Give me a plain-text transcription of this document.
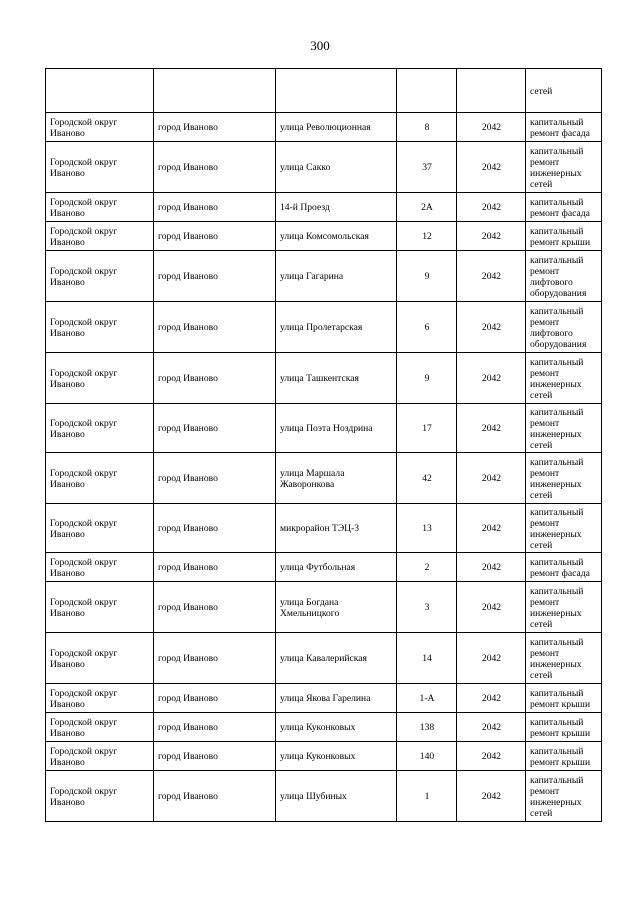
300
					сетей
Городской округ Иваново	город Иваново	улица Революционная	8	2042	капитальный ремонт фасада
Городской округ Иваново	город Иваново	улица Сакко	37	2042	капитальный ремонт инженерных сетей
Городской округ Иваново	город Иваново	14-й Проезд	2А	2042	капитальный ремонт фасада
Городской округ Иваново	город Иваново	улица Комсомольская	12	2042	капитальный ремонт крыши
Городской округ Иваново	город Иваново	улица Гагарина	9	2042	капитальный ремонт лифтового оборудования
Городской округ Иваново	город Иваново	улица Пролетарская	6	2042	капитальный ремонт лифтового оборудования
Городской округ Иваново	город Иваново	улица Ташкентская	9	2042	капитальный ремонт инженерных сетей
Городской округ Иваново	город Иваново	улица Поэта Ноздрина	17	2042	капитальный ремонт инженерных сетей
Городской округ Иваново	город Иваново	улица Маршала Жаворонкова	42	2042	капитальный ремонт инженерных сетей
Городской округ Иваново	город Иваново	микрорайон ТЭЦ-3	13	2042	капитальный ремонт инженерных сетей
Городской округ Иваново	город Иваново	улица Футбольная	2	2042	капитальный ремонт фасада
Городской округ Иваново	город Иваново	улица Богдана Хмельницкого	3	2042	капитальный ремонт инженерных сетей
Городской округ Иваново	город Иваново	улица Кавалерийская	14	2042	капитальный ремонт инженерных сетей
Городской округ Иваново	город Иваново	улица Якова Гарелина	1-А	2042	капитальный ремонт крыши
Городской округ Иваново	город Иваново	улица Куконковых	138	2042	капитальный ремонт крыши
Городской округ Иваново	город Иваново	улица Куконковых	140	2042	капитальный ремонт крыши
Городской округ Иваново	город Иваново	улица Шубиных	1	2042	капитальный ремонт инженерных сетей
